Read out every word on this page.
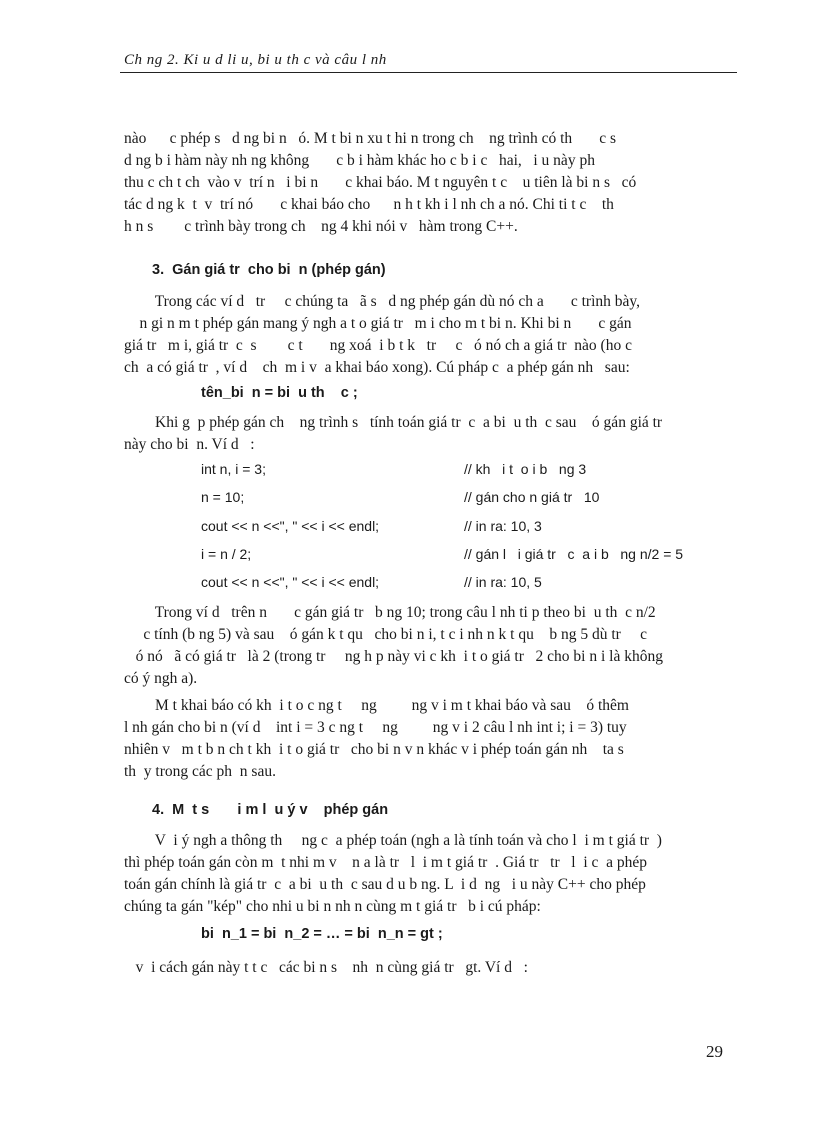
Ch ng 2. Ki u d li u, bi u th c và câu l nh
nào      c phép s   d ng bi n   ó. M t bi n xu t hi n trong ch    ng trình có th       c s
d ng b i hàm này nh ng không       c b i hàm khác ho c b i c   hai,   i u này ph
thu c ch t ch  vào v  trí n   i bi n       c khai báo. M t nguyên t c    u tiên là bi n s   có
tác d ng k  t  v  trí nó       c khai báo cho      n h t kh i l nh ch a nó. Chi ti t c    th
h n s        c trình bày trong ch    ng 4 khi nói v   hàm trong C++.
3.  Gán giá tr  cho bi  n (phép gán)
Trong các ví d   tr     c chúng ta   ã s   d ng phép gán dù nó ch a       c trình bày,
n gi n m t phép gán mang ý ngh a t o giá tr   m i cho m t bi n. Khi bi n       c gán
giá tr   m i, giá tr  c  s        c t       ng xoá  i b t k   tr     c   ó nó ch a giá tr  nào (ho c
ch  a có giá tr  , ví d    ch  m i v  a khai báo xong). Cú pháp c  a phép gán nh   sau:
tên_bi  n = bi  u th    c ;
Khi g  p phép gán ch    ng trình s   tính toán giá tr  c  a bi  u th  c sau    ó gán giá tr
này cho bi  n. Ví d   :
int n, i = 3;	// kh   i t  o i b   ng 3
n = 10;	// gán cho n giá tr   10
cout << n <<", " << i << endl;	// in ra: 10, 3
i = n / 2;	// gán l   i giá tr   c  a i b   ng n/2 = 5
cout << n <<", " << i << endl;	// in ra: 10, 5
Trong ví d   trên n       c gán giá tr   b ng 10; trong câu l nh ti p theo bi  u th  c n/2
c tính (b ng 5) và sau    ó gán k t qu   cho bi n i, t c i nh n k t qu    b ng 5 dù tr     c
ó nó   ã có giá tr   là 2 (trong tr     ng h p này vi c kh  i t o giá tr   2 cho bi n i là không
có ý ngh a).
M t khai báo có kh  i t o c ng t     ng         ng v i m t khai báo và sau    ó thêm
l nh gán cho bi n (ví d    int i = 3 c ng t     ng         ng v i 2 câu l nh int i; i = 3) tuy
nhiên v   m t b n ch t kh  i t o giá tr   cho bi n v n khác v i phép toán gán nh    ta s
th  y trong các ph  n sau.
4.  M  t s       i m l  u ý v    phép gán
V  i ý ngh a thông th     ng c  a phép toán (ngh a là tính toán và cho l  i m t giá tr  )
thì phép toán gán còn m  t nhi m v    n a là tr   l  i m t giá tr  . Giá tr   tr   l  i c  a phép
toán gán chính là giá tr  c  a bi  u th  c sau d u b ng. L  i d  ng   i u này C++ cho phép
chúng ta gán "kép" cho nhi u bi n nh n cùng m t giá tr   b i cú pháp:
bi  n_1 = bi  n_2 = … = bi  n_n = gt ;
v  i cách gán này t t c   các bi n s    nh  n cùng giá tr   gt. Ví d   :
29
